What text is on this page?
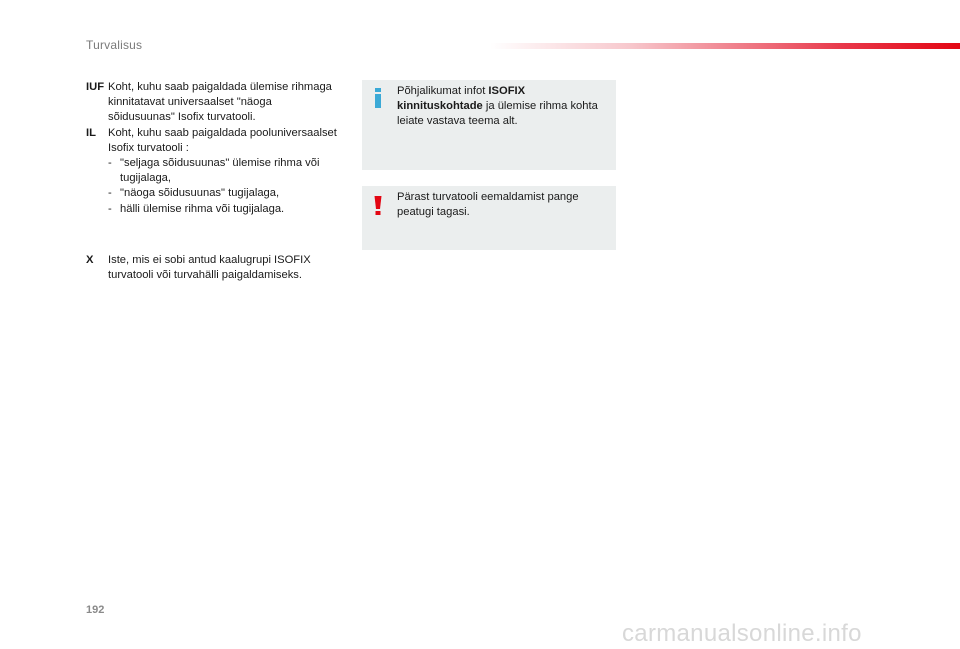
Turvalisus
IUF Koht, kuhu saab paigaldada ülemise rihmaga kinnitatavat universaalset "näoga sõidusuunas" Isofix turvatooli.
IL Koht, kuhu saab paigaldada pooluniversaalset Isofix turvatooli :
- "seljaga sõidusuunas" ülemise rihma või tugijalaga,
- "näoga sõidusuunas" tugijalaga,
- hälli ülemise rihma või tugijalaga.
X Iste, mis ei sobi antud kaalugrupi ISOFIX turvatooli või turvahälli paigaldamiseks.
Põhjalikumat infot ISOFIX kinnituskohtade ja ülemise rihma kohta leiate vastava teema alt.
Pärast turvatooli eemaldamist pange peatugi tagasi.
192
carmanualsonline.info
